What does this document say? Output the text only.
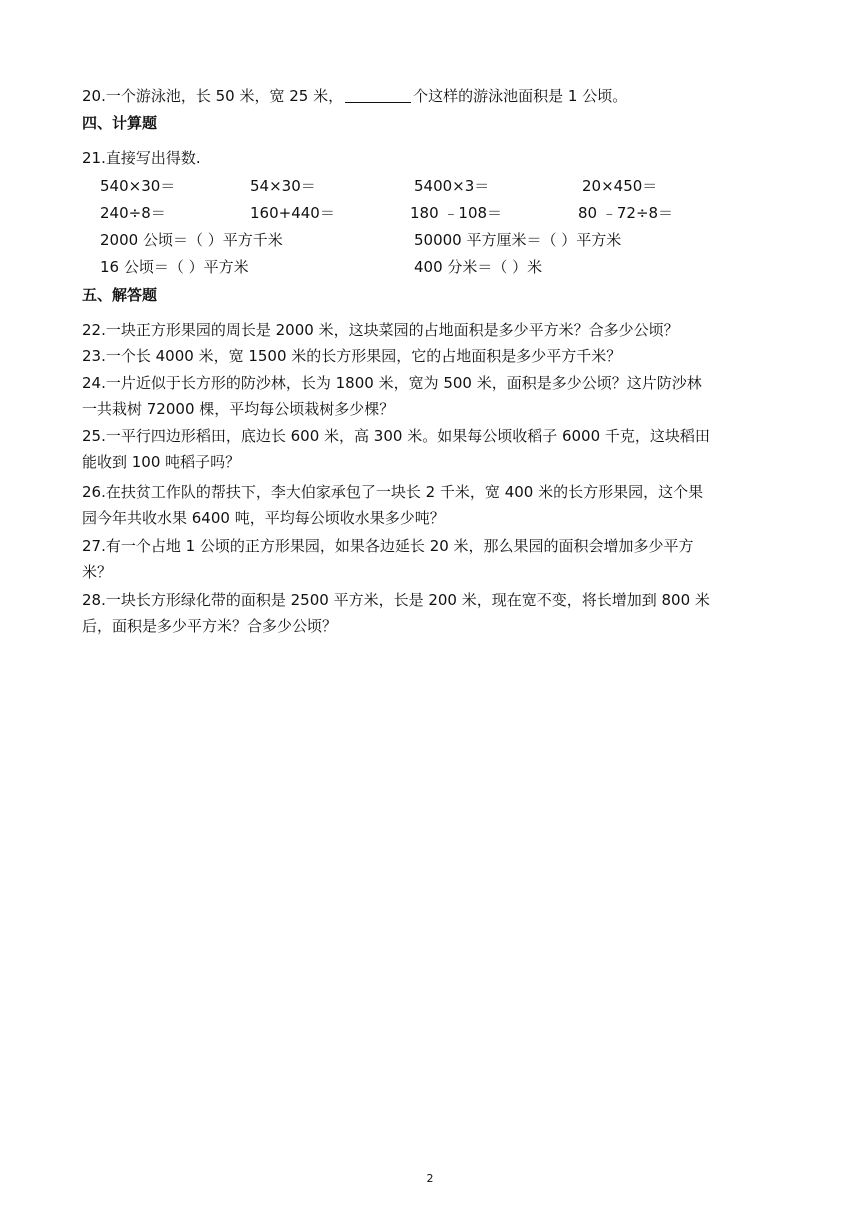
20.一个游泳池，长 50 米，宽 25 米，	个这样的游泳池面积是 1 公顷。
四、计算题
21.直接写出得数.
540×30＝	54×30＝	5400×3＝	20×450＝
240÷8＝	160+440＝	180 ﹣108＝	80 ﹣72÷8＝
2000 公顷＝（ ）平方千米	50000 平方厘米＝（ ）平方米
16 公顷＝（ ）平方米	400 分米＝（ ）米
五、解答题
22.一块正方形果园的周长是 2000 米，这块菜园的占地面积是多少平方米？合多少公顷？
23.一个长 4000 米，宽 1500 米的长方形果园，它的占地面积是多少平方千米？
24.一片近似于长方形的防沙林，长为 1800 米，宽为 500 米，面积是多少公顷？这片防沙林
一共栽树 72000 棵，平均每公顷栽树多少棵？
25.一平行四边形稻田，底边长 600 米，高 300 米。如果每公顷收稻子 6000 千克，这块稻田
能收到 100 吨稻子吗？
26.在扶贫工作队的帮扶下，李大伯家承包了一块长 2 千米，宽 400 米的长方形果园，这个果
园今年共收水果 6400 吨，平均每公顷收水果多少吨？
27.有一个占地 1 公顷的正方形果园，如果各边延长 20 米，那么果园的面积会增加多少平方
米？
28.一块长方形绿化带的面积是 2500 平方米，长是 200 米，现在宽不变，将长增加到 800 米
后，面积是多少平方米？合多少公顷？
2
